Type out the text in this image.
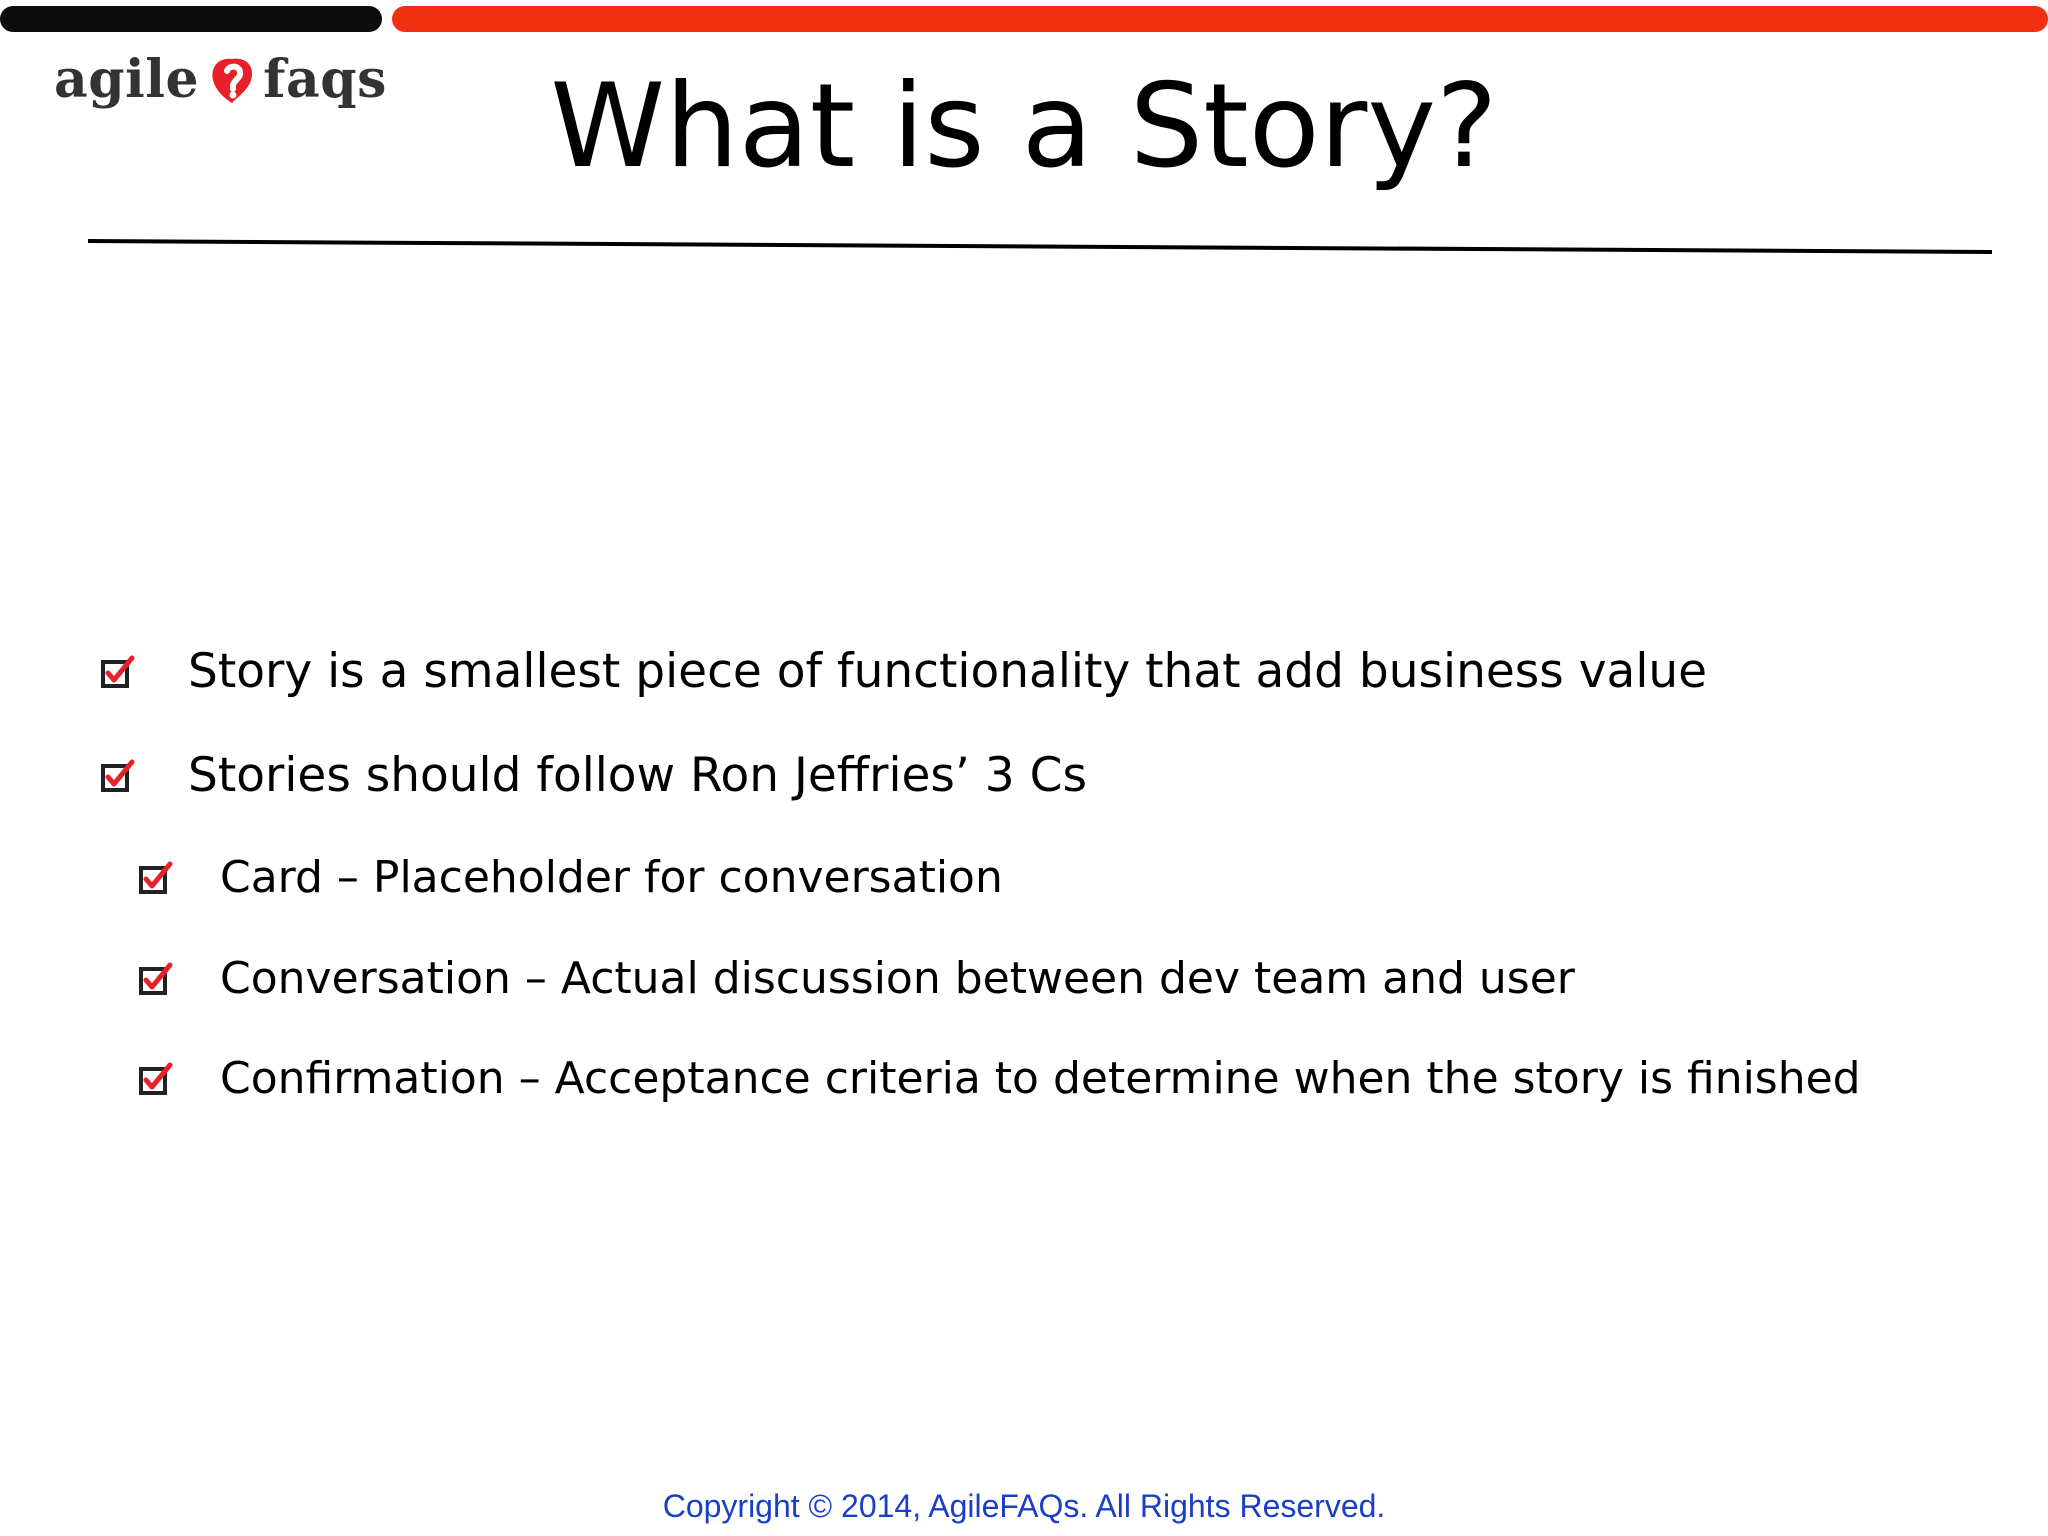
agile faqs	What is a Story?
Story is a smallest piece of functionality that add business value
Stories should follow Ron Jeffries’ 3 Cs
Card – Placeholder for conversation
Conversation – Actual discussion between dev team and user
Confirmation – Acceptance criteria to determine when the story is finished
Copyright © 2014, AgileFAQs. All Rights Reserved.
